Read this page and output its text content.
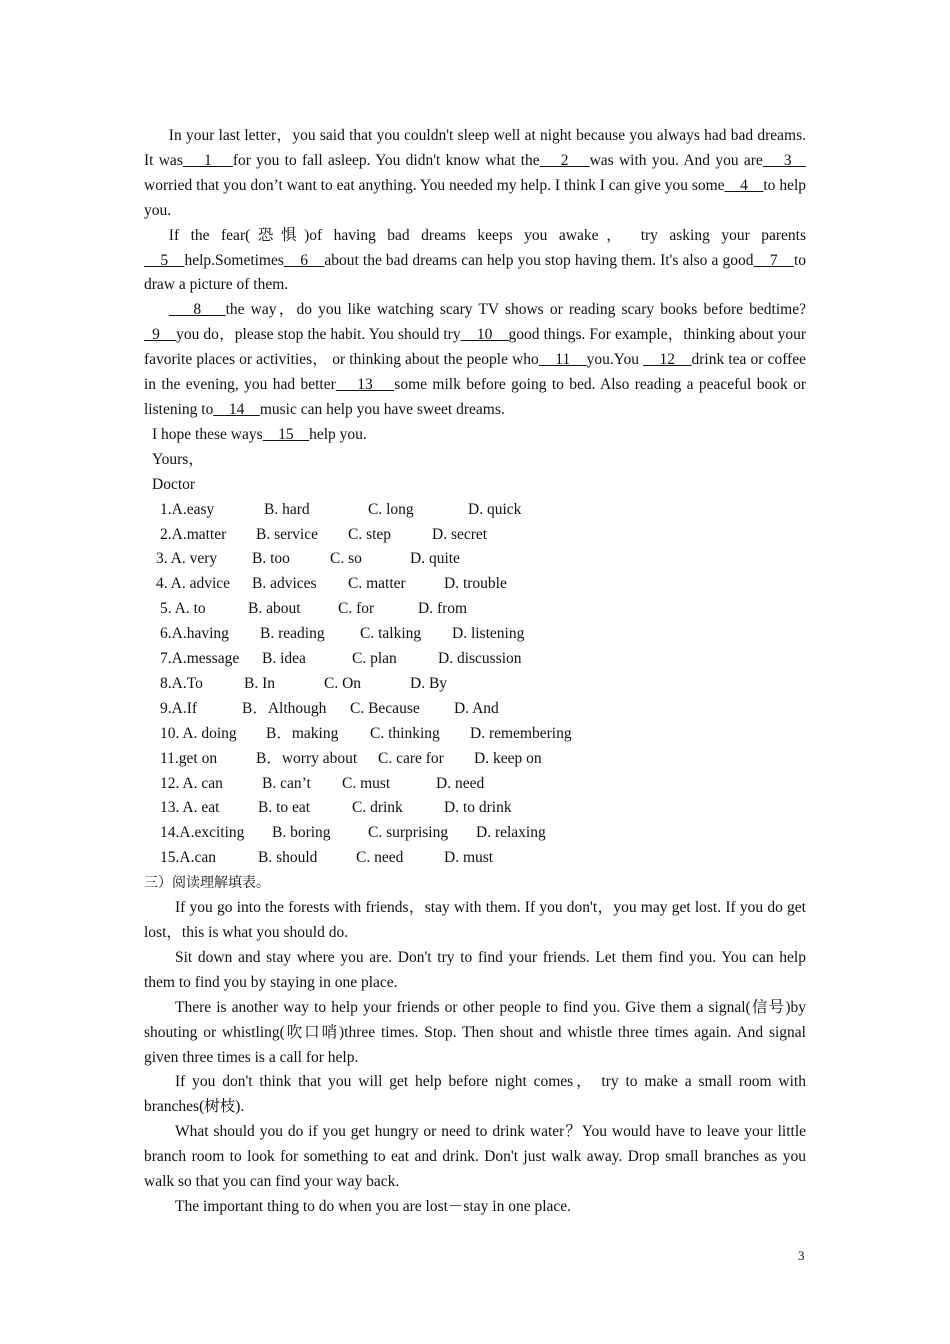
In your last letter，you said that you couldn't sleep well at night because you always had bad dreams. It was    1    for you to fall asleep. You didn't know what the    2    was with you. And you are    3    worried that you don’t want to eat anything. You needed my help. I think I can give you some    4    to help you.

If the fear(恐惧)of having bad dreams keeps you awake， try asking your parents    5    help.Sometimes    6    about the bad dreams can help you stop having them. It's also a good    7    to draw a picture of them.

8    the way，do you like watching scary TV shows or reading scary books before bedtime?  9    you do，please stop the habit. You should try    10    good things. For example，thinking about your favorite places or activities， or thinking about the people who    11    you.You     12    drink tea or coffee in the evening, you had better    13    some milk before going to bed. Also reading a peaceful book or listening to    14    music can help you have sweet dreams.

I hope these ways    15    help you.

Yours，

Doctor

1.A.easy	B. hard	C. long	D. quick
2.A.matter	B. service	C. step	D. secret
3. A. very	B. too	C. so	D. quite
4. A. advice	B. advices	C. matter	D. trouble
5. A. to	B. about	C. for	D. from
6.A.having	B. reading	C. talking	D. listening
7.A.message	B. idea	C. plan	D. discussion
8.A.To	B. In	C. On	D. By
9.A.If	B．Although	C. Because	D. And
10. A. doing	B．making	C. thinking	D. remembering
11.get on	B．worry about	C. care for	D. keep on
12. A. can	B. can’t	C. must	D. need
13. A. eat	B. to eat	C. drink	D. to drink
14.A.exciting	B. boring	C. surprising	D. relaxing
15.A.can	B. should	C. need	D. must

三）阅读理解填表。

If you go into the forests with friends，stay with them. If you don't，you may get lost. If you do get lost，this is what you should do.

Sit down and stay where you are. Don't try to find your friends. Let them find you. You can help them to find you by staying in one place.

There is another way to help your friends or other people to find you. Give them a signal(信号)by shouting or whistling(吹口哨)three times. Stop. Then shout and whistle three times again. And signal given three times is a call for help.

If you don't think that you will get help before night comes， try to make a small room with branches(树枝).

What should you do if you get hungry or need to drink water？You would have to leave your little branch room to look for something to eat and drink. Don't just walk away. Drop small branches as you walk so that you can find your way back.

The important thing to do when you are lost－stay in one place.

3
